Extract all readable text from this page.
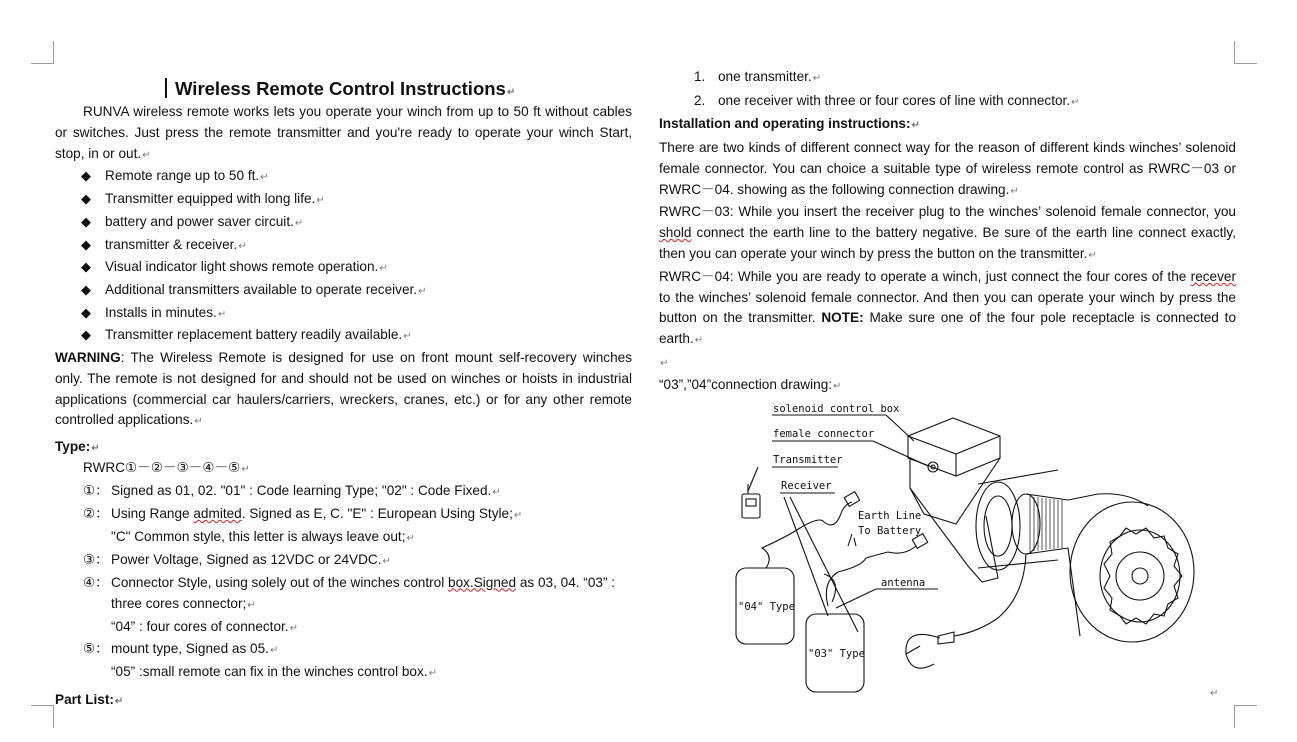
Wireless Remote Control Instructions↵
RUNVA wireless remote works lets you operate your winch from up to 50 ft without cables or switches. Just press the remote transmitter and you're ready to operate your winch Start, stop, in or out.↵
◆ Remote range up to 50 ft.↵
◆ Transmitter equipped with long life.↵
◆ battery and power saver circuit.↵
◆ transmitter & receiver.↵
◆ Visual indicator light shows remote operation.↵
◆ Additional transmitters available to operate receiver.↵
◆ Installs in minutes.↵
◆ Transmitter replacement battery readily available.↵
WARNING: The Wireless Remote is designed for use on front mount self-recovery winches only. The remote is not designed for and should not be used on winches or hoists in industrial applications (commercial car haulers/carriers, wreckers, cranes, etc.) or for any other remote controlled applications.↵
Type:↵
RWRC①－②－③－④－⑤↵
①： Signed as 01, 02. "01" : Code learning Type; "02" : Code Fixed.↵
②： Using Range admited. Signed as E, C. "E" : European Using Style;↵
"C" Common style, this letter is always leave out;↵
③： Power Voltage, Signed as 12VDC or 24VDC.↵
④： Connector Style, using solely out of the winches control box.Signed as 03, 04. “03” :
three cores connector;↵
“04” : four cores of connector.↵
⑤： mount type, Signed as 05.↵
“05” :small remote can fix in the winches control box.↵
Part List:↵
1. one transmitter.↵
2. one receiver with three or four cores of line with connector.↵
Installation and operating instructions:↵
There are two kinds of different connect way for the reason of different kinds winches’ solenoid female connector. You can choice a suitable type of wireless remote control as RWRC－03 or RWRC－04. showing as the following connection drawing.↵
RWRC－03: While you insert the receiver plug to the winches’ solenoid female connector, you shold connect the earth line to the battery negative. Be sure of the earth line connect exactly, then you can operate your winch by press the button on the transmitter.↵
RWRC－04: While you are ready to operate a winch, just connect the four cores of the recever to the winches’ solenoid female connector. And then you can operate your winch by press the button on the transmitter. NOTE: Make sure one of the four pole receptacle is connected to earth.↵
↵
“03”,”04”connection drawing:↵
solenoid control box
female connector
Transmitter
Receiver
Earth Line
To Battery
antenna
"04" Type
"03" Type
↵
